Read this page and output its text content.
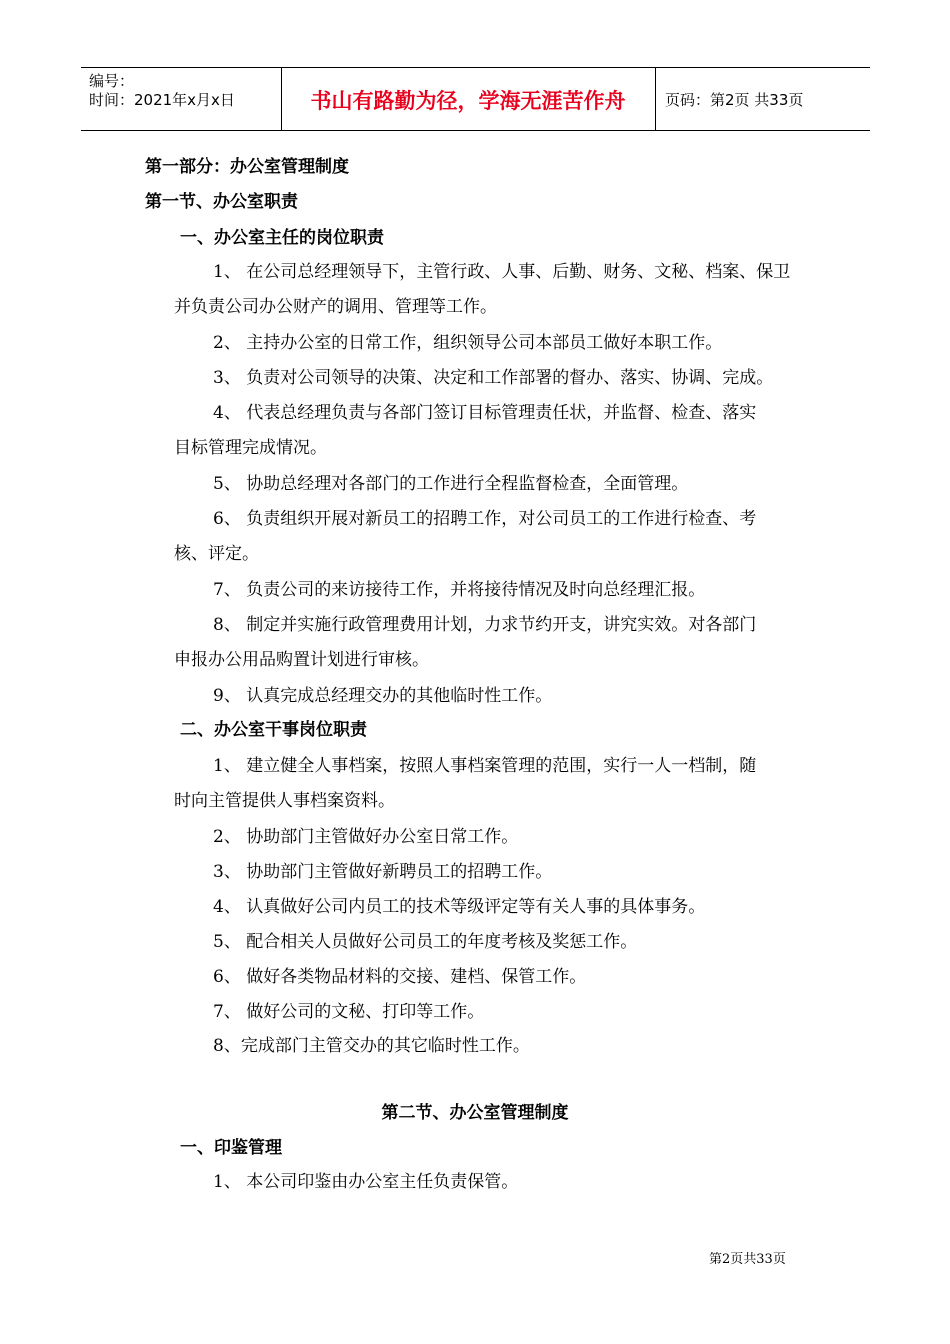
编号：
时间：2021年x月x日	书山有路勤为径，学海无涯苦作舟	页码：第2页 共33页
第一部分：办公室管理制度
第一节、办公室职责
一、办公室主任的岗位职责
1、 在公司总经理领导下，主管行政、人事、后勤、财务、文秘、档案、保卫
并负责公司办公财产的调用、管理等工作。
2、 主持办公室的日常工作，组织领导公司本部员工做好本职工作。
3、 负责对公司领导的决策、决定和工作部署的督办、落实、协调、完成。
4、 代表总经理负责与各部门签订目标管理责任状，并监督、检查、落实
目标管理完成情况。
5、 协助总经理对各部门的工作进行全程监督检查，全面管理。
6、 负责组织开展对新员工的招聘工作，对公司员工的工作进行检查、考
核、评定。
7、 负责公司的来访接待工作，并将接待情况及时向总经理汇报。
8、 制定并实施行政管理费用计划，力求节约开支，讲究实效。对各部门
申报办公用品购置计划进行审核。
9、 认真完成总经理交办的其他临时性工作。
二、办公室干事岗位职责
1、 建立健全人事档案，按照人事档案管理的范围，实行一人一档制，随
时向主管提供人事档案资料。
2、 协助部门主管做好办公室日常工作。
3、 协助部门主管做好新聘员工的招聘工作。
4、 认真做好公司内员工的技术等级评定等有关人事的具体事务。
5、 配合相关人员做好公司员工的年度考核及奖惩工作。
6、 做好各类物品材料的交接、建档、保管工作。
7、 做好公司的文秘、打印等工作。
8、完成部门主管交办的其它临时性工作。
第二节、办公室管理制度
一、印鉴管理
1、 本公司印鉴由办公室主任负责保管。
第2页共33页
